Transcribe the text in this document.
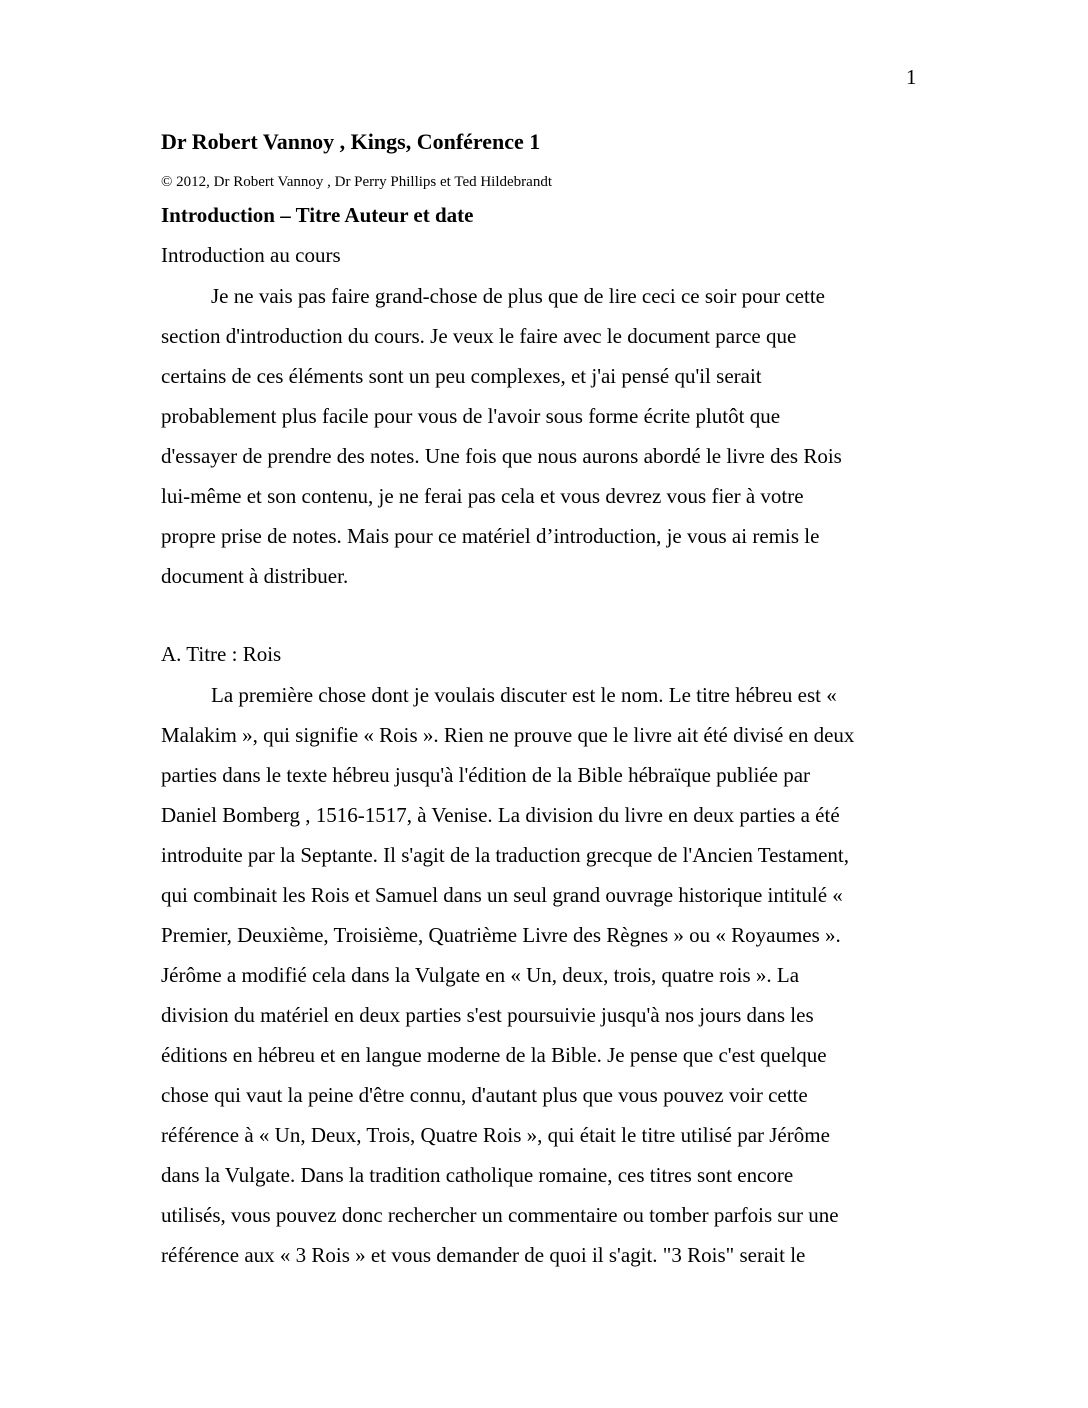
1
Dr Robert Vannoy , Kings, Conférence 1
© 2012, Dr Robert Vannoy , Dr Perry Phillips et Ted Hildebrandt
Introduction – Titre Auteur et date
Introduction au cours
Je ne vais pas faire grand-chose de plus que de lire ceci ce soir pour cette
section d'introduction du cours. Je veux le faire avec le document parce que
certains de ces éléments sont un peu complexes, et j'ai pensé qu'il serait
probablement plus facile pour vous de l'avoir sous forme écrite plutôt que
d'essayer de prendre des notes. Une fois que nous aurons abordé le livre des Rois
lui-même et son contenu, je ne ferai pas cela et vous devrez vous fier à votre
propre prise de notes. Mais pour ce matériel d’introduction, je vous ai remis le
document à distribuer.
A. Titre : Rois
La première chose dont je voulais discuter est le nom. Le titre hébreu est «
Malakim », qui signifie « Rois ». Rien ne prouve que le livre ait été divisé en deux
parties dans le texte hébreu jusqu'à l'édition de la Bible hébraïque publiée par
Daniel Bomberg , 1516-1517, à Venise. La division du livre en deux parties a été
introduite par la Septante. Il s'agit de la traduction grecque de l'Ancien Testament,
qui combinait les Rois et Samuel dans un seul grand ouvrage historique intitulé «
Premier, Deuxième, Troisième, Quatrième Livre des Règnes » ou « Royaumes ».
Jérôme a modifié cela dans la Vulgate en « Un, deux, trois, quatre rois ». La
division du matériel en deux parties s'est poursuivie jusqu'à nos jours dans les
éditions en hébreu et en langue moderne de la Bible. Je pense que c'est quelque
chose qui vaut la peine d'être connu, d'autant plus que vous pouvez voir cette
référence à « Un, Deux, Trois, Quatre Rois », qui était le titre utilisé par Jérôme
dans la Vulgate. Dans la tradition catholique romaine, ces titres sont encore
utilisés, vous pouvez donc rechercher un commentaire ou tomber parfois sur une
référence aux « 3 Rois » et vous demander de quoi il s'agit. "3 Rois" serait le
